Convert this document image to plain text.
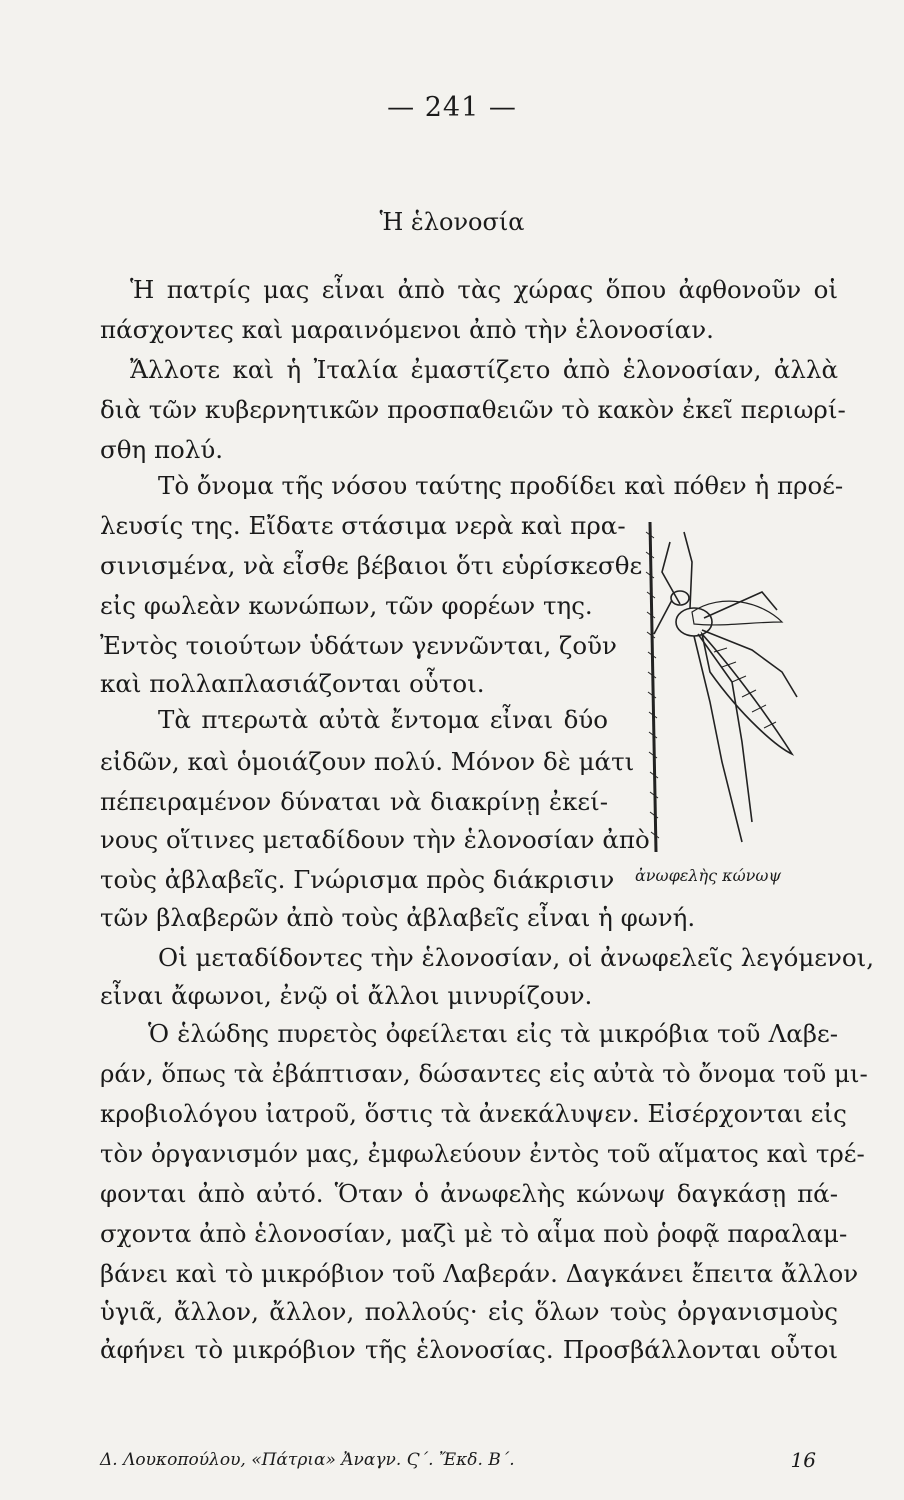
— 241 —
Ἡ ἑλονοσία
Ἡ πατρίς μας εἶναι ἀπὸ τὰς χώρας ὅπου ἀφθονοῦν οἱ
πάσχοντες καὶ μαραινόμενοι ἀπὸ τὴν ἑλονοσίαν.
Ἄλλοτε καὶ ἡ Ἰταλία ἐμαστίζετο ἀπὸ ἑλονοσίαν, ἀλλὰ
διὰ τῶν κυβερνητικῶν προσπαθειῶν τὸ κακὸν ἐκεῖ περιωρί-
σθη πολύ.
Τὸ ὄνομα τῆς νόσου ταύτης προδίδει καὶ πόθεν ἡ προέ-
λευσίς της. Εἴδατε στάσιμα νερὰ καὶ πρα-
σινισμένα, νὰ εἶσθε βέβαιοι ὅτι εὑρίσκεσθε
εἰς φωλεὰν κωνώπων, τῶν φορέων της.
Ἐντὸς τοιούτων ὑδάτων γεννῶνται, ζοῦν
καὶ πολλαπλασιάζονται οὗτοι.
Τὰ πτερωτὰ αὐτὰ ἔντομα εἶναι δύο
εἰδῶν, καὶ ὁμοιάζουν πολύ. Μόνον δὲ μάτι
πέπειραμένον δύναται νὰ διακρίνῃ ἐκεί-
νους οἵτινες μεταδίδουν τὴν ἑλονοσίαν ἀπὸ
τοὺς ἀβλαβεῖς. Γνώρισμα πρὸς διάκρισιν
τῶν βλαβερῶν ἀπὸ τοὺς ἀβλαβεῖς εἶναι ἡ φωνή.
Οἱ μεταδίδοντες τὴν ἑλονοσίαν, οἱ ἀνωφελεῖς λεγόμενοι,
εἶναι ἄφωνοι, ἐνῷ οἱ ἄλλοι μινυρίζουν.
Ὁ ἑλώδης πυρετὸς ὀφείλεται εἰς τὰ μικρόβια τοῦ Λαβε-
ράν, ὅπως τὰ ἐβάπτισαν, δώσαντες εἰς αὐτὰ τὸ ὄνομα τοῦ μι-
κροβιολόγου ἰατροῦ, ὅστις τὰ ἀνεκάλυψεν. Εἰσέρχονται εἰς
τὸν ὀργανισμόν μας, ἐμφωλεύουν ἐντὸς τοῦ αἵματος καὶ τρέ-
φονται ἀπὸ αὐτό. Ὅταν ὁ ἀνωφελὴς κώνωψ δαγκάσῃ πά-
σχοντα ἀπὸ ἑλονοσίαν, μαζὶ μὲ τὸ αἷμα ποὺ ῥοφᾷ παραλαμ-
βάνει καὶ τὸ μικρόβιον τοῦ Λαβεράν. Δαγκάνει ἔπειτα ἄλλον
ὑγιᾶ, ἄλλον, ἄλλον, πολλούς· εἰς ὅλων τοὺς ὀργανισμοὺς
ἀφήνει τὸ μικρόβιον τῆς ἑλονοσίας. Προσβάλλονται οὗτοι
ἀνωφελὴς κώνωψ
Δ. Λουκοπούλου, «Πάτρια» Ἀναγν. Ϛ΄. Ἔκδ. Β΄.	16
